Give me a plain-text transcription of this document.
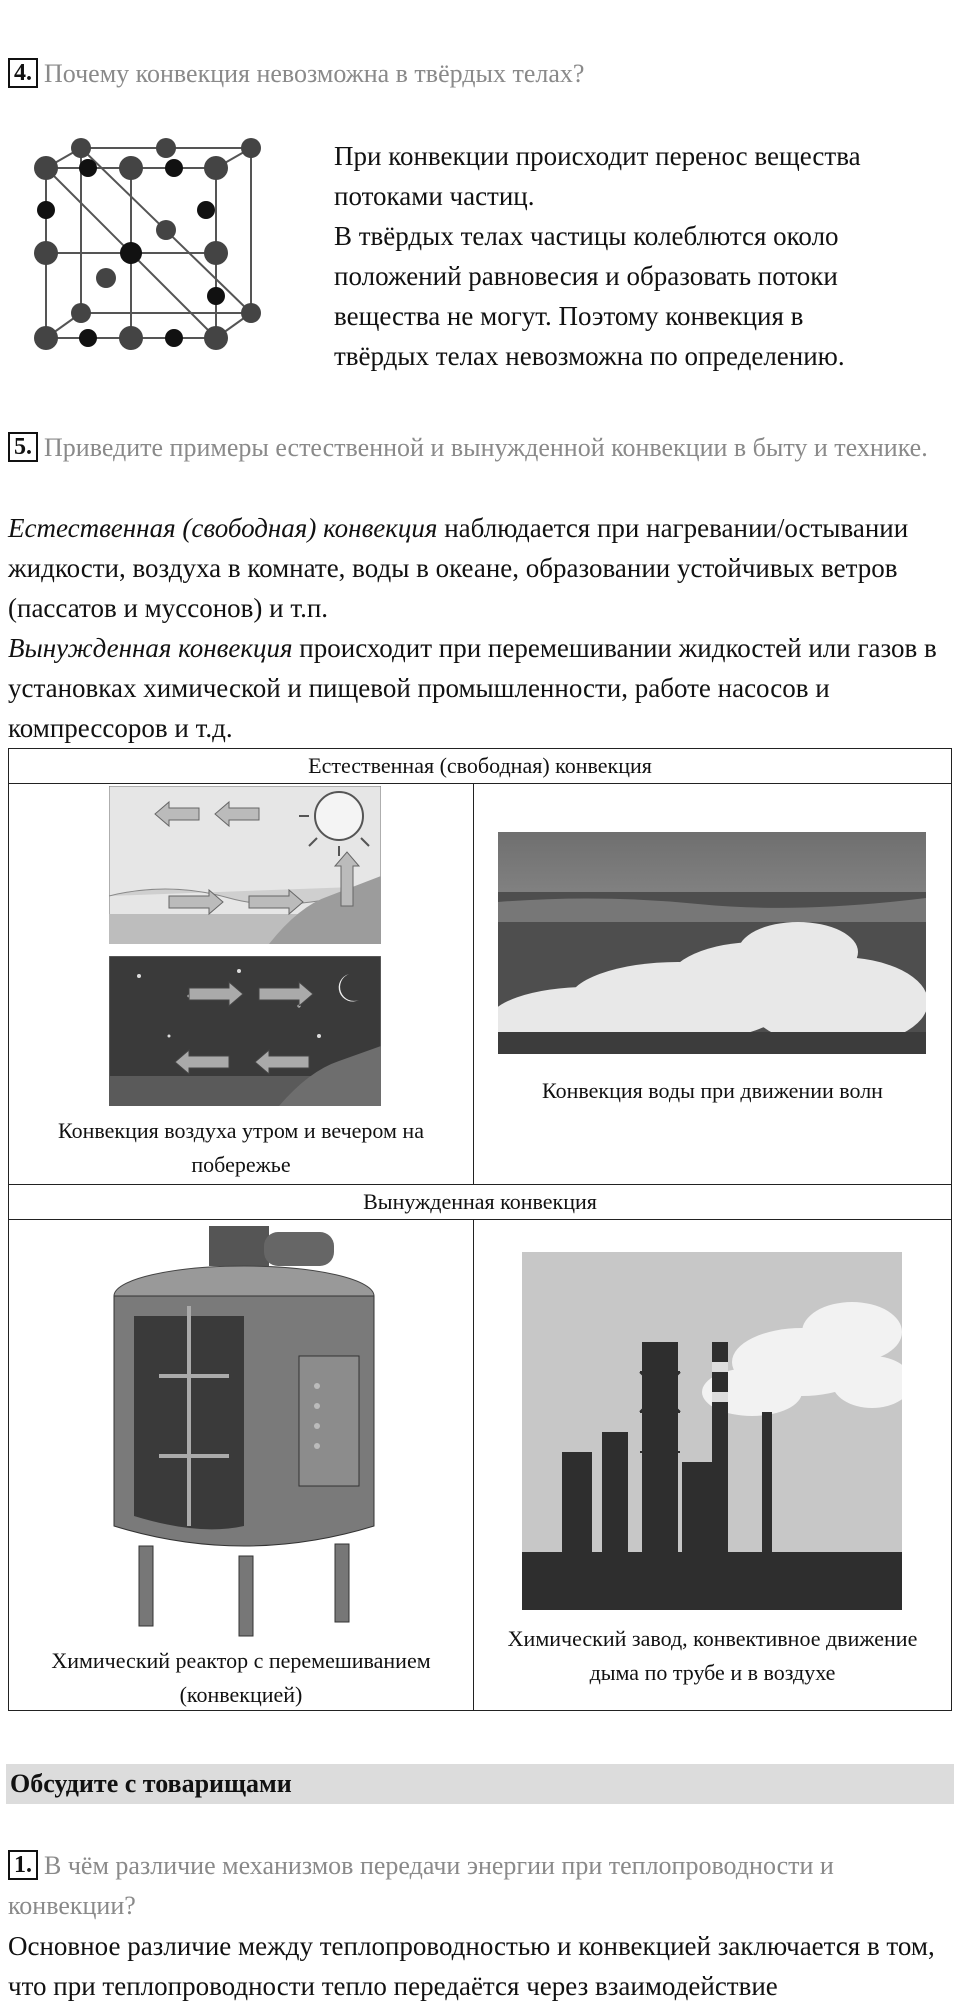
4. Почему конвекция невозможна в твёрдых телах?

При конвекции происходит перенос вещества

потоками частиц.

В твёрдых телах частицы колеблются около

положений равновесия и образовать потоки

вещества не могут. Поэтому конвекция в

твёрдых телах невозможна по определению.

5. Приведите примеры естественной и вынужденной конвекции в быту и технике.

Естественная (свободная) конвекция наблюдается при нагревании/остывании жидкости, воздуха в комнате, воды в океане, образовании устойчивых ветров (пассатов и муссонов) и т.п.

Вынужденная конвекция происходит при перемешивании жидкостей или газов в установках химической и пищевой промышленности, работе насосов и компрессоров и т.д.

Естественная (свободная) конвекция	

Конвекция воздуха утром и вечером на побережье	Конвекция воды при движении волн

Вынужденная конвекция	

Химический реактор с перемешиванием (конвекцией)	Химический завод, конвективное движение дыма по трубе и в воздухе
Обсудите с товарищами
1. В чём различие механизмов передачи энергии при теплопроводности и конвекции?

Основное различие между теплопроводностью и конвекцией заключается в том, что при теплопроводности тепло передаётся через взаимодействие
